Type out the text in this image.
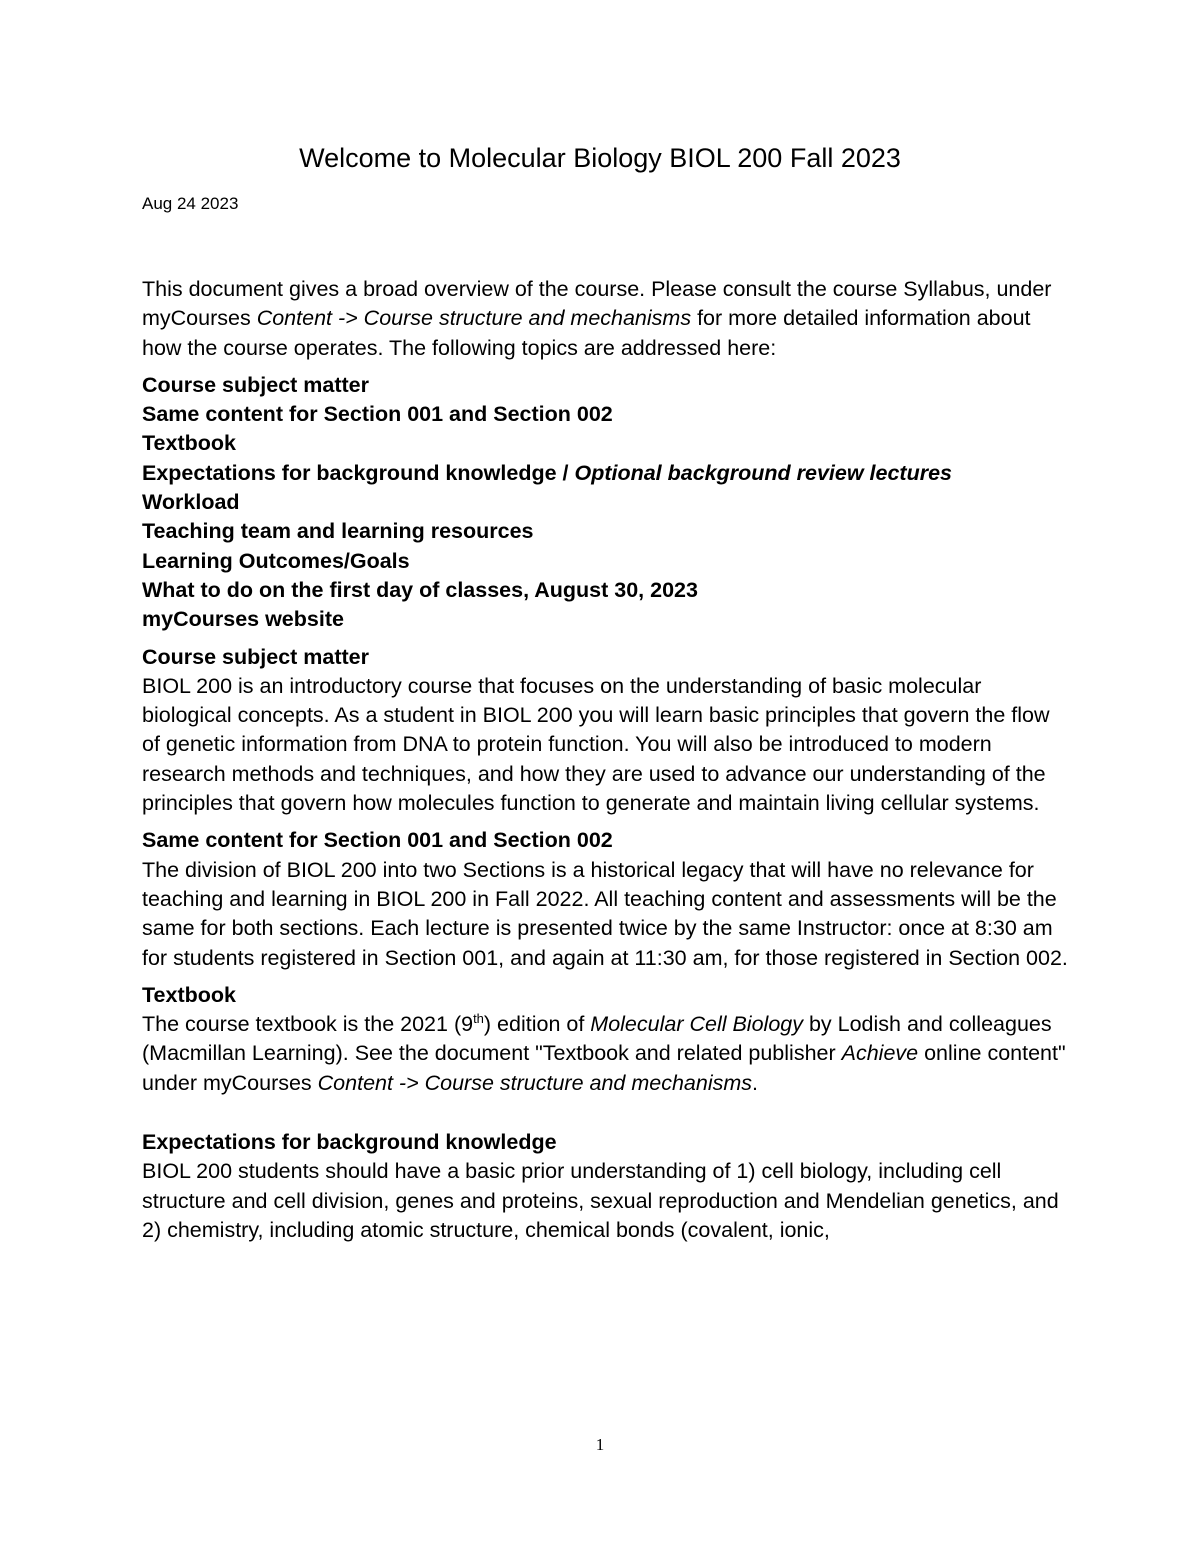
Welcome to Molecular Biology BIOL 200 Fall 2023

Aug 24 2023

This document gives a broad overview of the course. Please consult the course Syllabus, under myCourses Content -> Course structure and mechanisms for more detailed information about how the course operates. The following topics are addressed here:

Course subject matter
Same content for Section 001 and Section 002
Textbook
Expectations for background knowledge / Optional background review lectures
Workload
Teaching team and learning resources
Learning Outcomes/Goals
What to do on the first day of classes, August 30, 2023
myCourses website
Course subject matter

BIOL 200 is an introductory course that focuses on the understanding of basic molecular biological concepts. As a student in BIOL 200 you will learn basic principles that govern the flow of genetic information from DNA to protein function. You will also be introduced to modern research methods and techniques, and how they are used to advance our understanding of the principles that govern how molecules function to generate and maintain living cellular systems.

Same content for Section 001 and Section 002

The division of BIOL 200 into two Sections is a historical legacy that will have no relevance for teaching and learning in BIOL 200 in Fall 2022. All teaching content and assessments will be the same for both sections. Each lecture is presented twice by the same Instructor: once at 8:30 am for students registered in Section 001, and again at 11:30 am, for those registered in Section 002.

Textbook

The course textbook is the 2021 (9th) edition of Molecular Cell Biology by Lodish and colleagues (Macmillan Learning). See the document "Textbook and related publisher Achieve online content" under myCourses Content -> Course structure and mechanisms.

Expectations for background knowledge

BIOL 200 students should have a basic prior understanding of 1) cell biology, including cell structure and cell division, genes and proteins, sexual reproduction and Mendelian genetics, and 2) chemistry, including atomic structure, chemical bonds (covalent, ionic,

1
